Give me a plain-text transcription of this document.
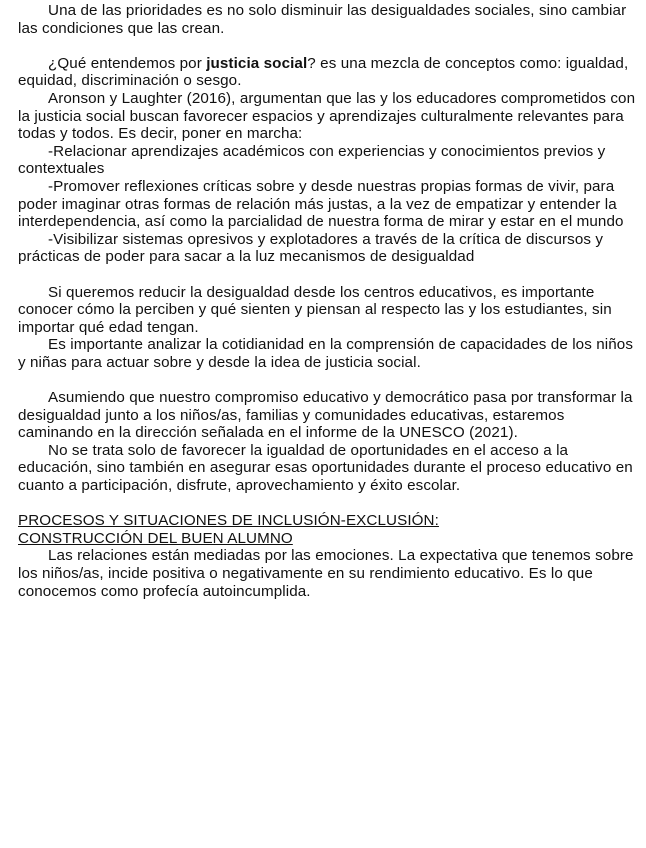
Una de las prioridades es no solo disminuir las desigualdades sociales, sino cambiar las condiciones que las crean.

¿Qué entendemos por justicia social? es una mezcla de conceptos como: igualdad, equidad, discriminación o sesgo.

Aronson y Laughter (2016), argumentan que las y los educadores comprometidos con la justicia social buscan favorecer espacios y aprendizajes culturalmente relevantes para todas y todos. Es decir, poner en marcha:

-Relacionar aprendizajes académicos con experiencias y conocimientos previos y contextuales

-Promover reflexiones críticas sobre y desde nuestras propias formas de vivir, para poder imaginar otras formas de relación más justas, a la vez de empatizar y entender la interdependencia, así como la parcialidad de nuestra forma de mirar y estar en el mundo

-Visibilizar sistemas opresivos y explotadores a través de la crítica de discursos y prácticas de poder para sacar a la luz mecanismos de desigualdad

Si queremos reducir la desigualdad desde los centros educativos, es importante conocer cómo la perciben y qué sienten y piensan al respecto las y los estudiantes, sin importar qué edad tengan.

Es importante analizar la cotidianidad en la comprensión de capacidades de los niños y niñas para actuar sobre y desde la idea de justicia social.

Asumiendo que nuestro compromiso educativo y democrático pasa por transformar la desigualdad junto a los niños/as, familias y comunidades educativas, estaremos caminando en la dirección señalada en el informe de la UNESCO (2021).

No se trata solo de favorecer la igualdad de oportunidades en el acceso a la educación, sino también en asegurar esas oportunidades durante el proceso educativo en cuanto a participación, disfrute, aprovechamiento y éxito escolar.

PROCESOS Y SITUACIONES DE INCLUSIÓN-EXCLUSIÓN:
CONSTRUCCIÓN DEL BUEN ALUMNO

Las relaciones están mediadas por las emociones. La expectativa que tenemos sobre los niños/as, incide positiva o negativamente en su rendimiento educativo. Es lo que conocemos como profecía autoincumplida.
